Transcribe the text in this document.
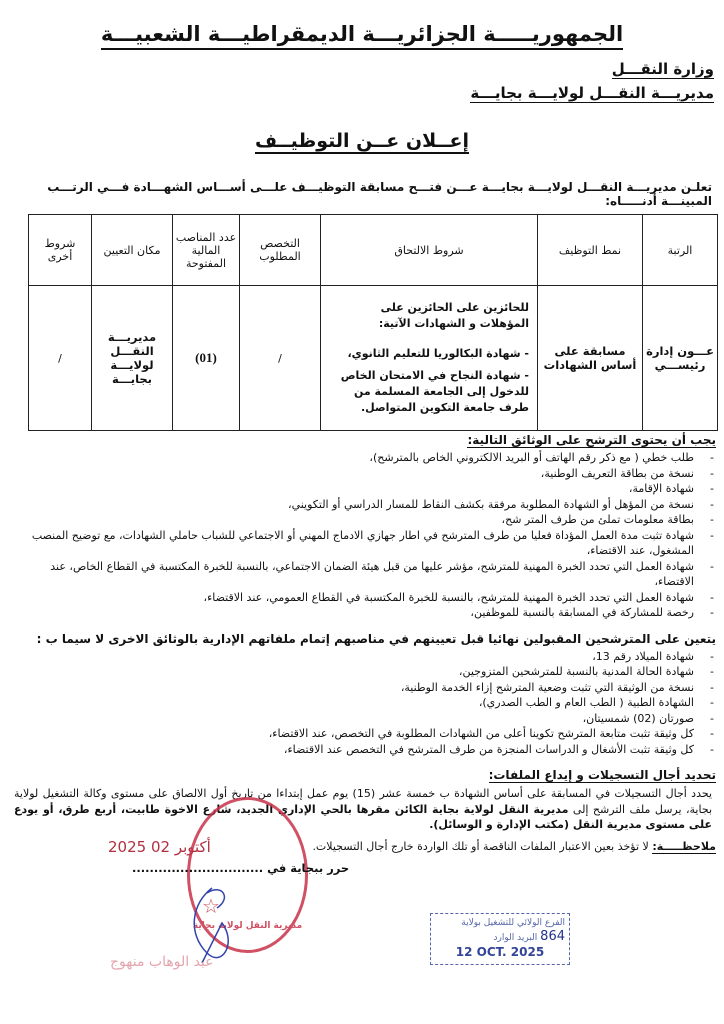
الجمهوريـــــة الجزائريـــة الديمقراطيـــة الشعبيـــة
وزارة النقـــل
مديريـــة النقـــل لولايـــة بجايـــة
إعــلان عــن التوظيــف
تعلـن مديريـــة النقـــل لولايـــة بجايـــة عـــن فتـــح مسابقة التوظيـــف علـــى أســـاس الشهـــادة فـــي الرتـــب المبينـــة أدنـــــاه:
الرتبة	نمط التوظيف	شروط الالتحاق	التخصص المطلوب	عدد المناصب المالية المفتوحة	مكان التعيين	شروط أخرى
عـــون إدارة رئيســـي	مسابقة على أساس الشهادات	للحائزين على الحائزين على المؤهلات و الشهادات الآتية:
- شهادة البكالوريا للتعليم الثانوي،
- شهادة النجاح في الامتحان الخاص للدخول إلى الجامعة المسلمة من طرف جامعة التكوين المتواصل.	/	(01)	مديريـــة النقـــل لولايـــة بجايـــة	/
يجب أن يحتوى الترشح على الوثائق التالية:
- طلب خطي ( مع ذكر رقم الهاتف أو البريد الالكتروني الخاص بالمترشح)،
- نسخة من بطاقة التعريف الوطنية،
- شهادة الإقامة،
- نسخة من المؤهل أو الشهادة المطلوبة مرفقة بكشف النقاط للمسار الدراسي أو التكويني،
- بطاقة معلومات تملئ من طرف المتر شح،
- شهادة تثبت مدة العمل المؤداة فعليا من طرف المترشح في اطار جهازي الادماج المهني أو الاجتماعي للشباب حاملي الشهادات، مع توضيح المنصب المشغول، عند الاقتضاء،
- شهادة العمل التي تحدد الخبرة المهنية للمترشح، مؤشر عليها من قبل هيئة الضمان الاجتماعي، بالنسبة للخبرة المكتسبة في القطاع الخاص، عند الاقتضاء،
- شهادة العمل التي تحدد الخبرة المهنية للمترشح، بالنسبة للخبرة المكتسبة في القطاع العمومي، عند الاقتضاء،
- رخصة للمشاركة في المسابقة بالنسبة للموظفين،
يتعين على المترشحين المقبولين نهائيا قبل تعيينهم في مناصبهم إتمام ملفاتهم الإدارية بالوثائق الاخرى لا سيما ب :
- شهادة الميلاد رقم 13،
- شهادة الحالة المدنية بالنسبة للمترشحين المتزوجين،
- نسخة من الوثيقة التي تثبت وضعية المترشح إزاء الخدمة الوطنية،
- الشهادة الطبية ( الطب العام و الطب الصدري)،
- صورتان (02) شمسيتان،
- كل وثيقة تثبت متابعة المترشح تكوينا أعلى من الشهادات المطلوبة في التخصص، عند الاقتضاء،
- كل وثيقة تثبت الأشغال و الدراسات المنجزة من طرف المترشح في التخصص عند الاقتضاء،
تحديد أجال التسجيلات و إيداع الملفات:
يحدد أجال التسجيلات في المسابقة على أساس الشهادة ب خمسة عشر (15) يوم عمل إبتداءا من تاريخ أول الالصاق على مستوى وكالة التشغيل لولاية بجاية، يرسل ملف الترشح إلى مديرية النقل لولاية بجاية الكائن مقرها بالحي الإداري الجديد، شارع الاخوة طابيت، أربع طرق، أو يودع على مستوى مديرية النقل (مكتب الإدارة و الوسائل).
ملاحظـــــة: لا تؤخذ بعين الاعتبار الملفات الناقصة أو تلك الواردة خارج أجال التسجيلات.
2025 أكتوبر 02
☆
مديرية النقل لولاية بجاية
حرر ببجاية في ..............................
عبد الوهاب منهوج
الفرع الولائي للتشغيل بولاية
864 البريد الوارد
12 OCT. 2025
